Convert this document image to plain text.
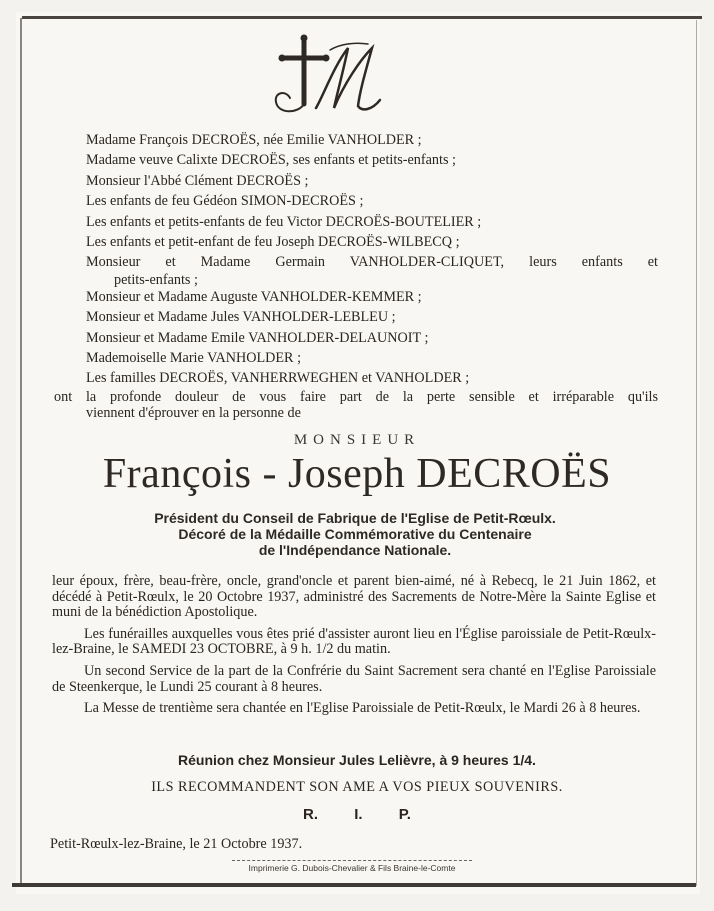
Madame François DECROËS, née Emilie VANHOLDER ;
Madame veuve Calixte DECROËS, ses enfants et petits-enfants ;
Monsieur l'Abbé Clément DECROËS ;
Les enfants de feu Gédéon SIMON-DECROËS ;
Les enfants et petits-enfants de feu Victor DECROËS-BOUTELIER ;
Les enfants et petit-enfant de feu Joseph DECROËS-WILBECQ ;
Monsieur et Madame Germain VANHOLDER-CLIQUET, leurs enfants et
petits-enfants ;
Monsieur et Madame Auguste VANHOLDER-KEMMER ;
Monsieur et Madame Jules VANHOLDER-LEBLEU ;
Monsieur et Madame Emile VANHOLDER-DELAUNOIT ;
Mademoiselle Marie VANHOLDER ;
Les familles DECROËS, VANHERRWEGHEN et VANHOLDER ;
ont la profonde douleur de vous faire part de la perte sensible et irréparable qu'ils
viennent d'éprouver en la personne de
MONSIEUR
François - Joseph DECROËS
Président du Conseil de Fabrique de l'Eglise de Petit-Rœulx.
Décoré de la Médaille Commémorative du Centenaire
de l'Indépendance Nationale.

leur époux, frère, beau-frère, oncle, grand'oncle et parent bien-aimé, né à Rebecq, le 21 Juin 1862, et décédé à Petit-Rœulx, le 20 Octobre 1937, administré des Sacrements de Notre-Mère la Sainte Eglise et muni de la bénédiction Apostolique.

Les funérailles auxquelles vous êtes prié d'assister auront lieu en l'Église paroissiale de Petit-Rœulx-lez-Braine, le SAMEDI 23 OCTOBRE, à 9 h. 1/2 du matin.

Un second Service de la part de la Confrérie du Saint Sacrement sera chanté en l'Eglise Paroissiale de Steenkerque, le Lundi 25 courant à 8 heures.

La Messe de trentième sera chantée en l'Eglise Paroissiale de Petit-Rœulx, le Mardi 26 à 8 heures.

Réunion chez Monsieur Jules Lelièvre, à 9 heures 1/4.
ILS RECOMMANDENT SON AME A VOS PIEUX SOUVENIRS.
R. I. P.
Petit-Rœulx-lez-Braine, le 21 Octobre 1937.
Imprimerie G. Dubois-Chevalier & Fils Braine-le-Comte
